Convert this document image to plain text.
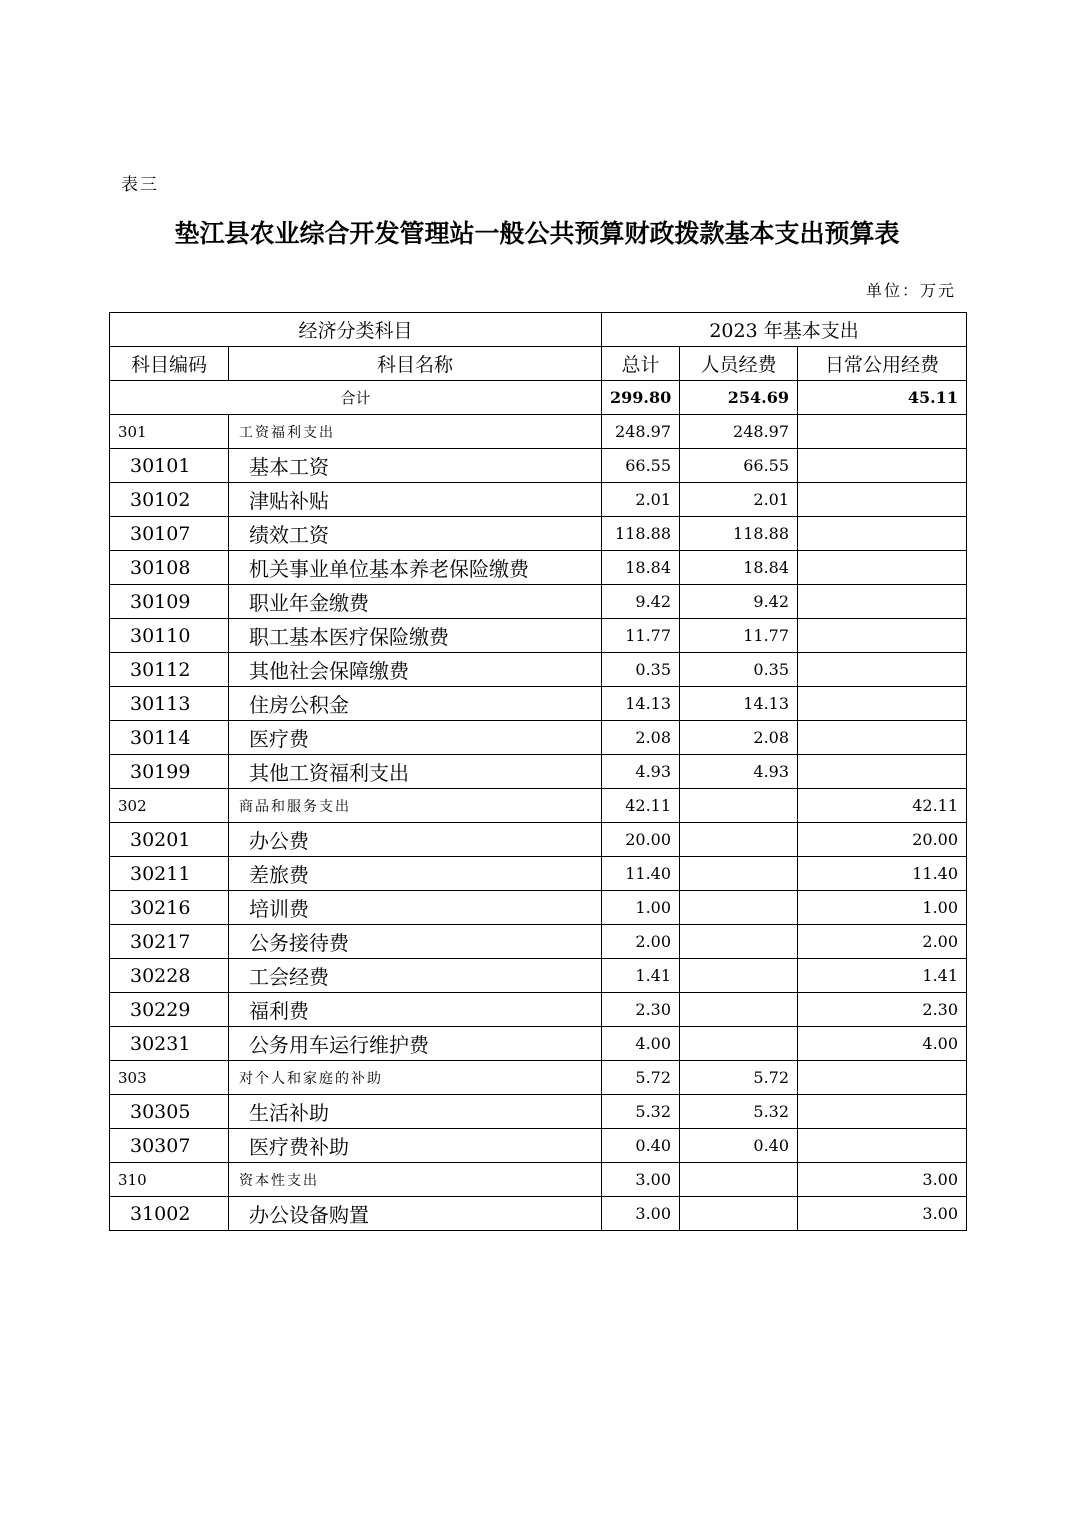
表三
垫江县农业综合开发管理站一般公共预算财政拨款基本支出预算表
单位：万元
经济分类科目		2023 年基本支出		
科目编码	科目名称	总计	人员经费	日常公用经费
合计		299.80	254.69	45.11
301	工资福利支出	248.97	248.97	
30101	基本工资	66.55	66.55	
30102	津贴补贴	2.01	2.01	
30107	绩效工资	118.88	118.88	
30108	机关事业单位基本养老保险缴费	18.84	18.84	
30109	职业年金缴费	9.42	9.42	
30110	职工基本医疗保险缴费	11.77	11.77	
30112	其他社会保障缴费	0.35	0.35	
30113	住房公积金	14.13	14.13	
30114	医疗费	2.08	2.08	
30199	其他工资福利支出	4.93	4.93	
302	商品和服务支出	42.11		42.11
30201	办公费	20.00		20.00
30211	差旅费	11.40		11.40
30216	培训费	1.00		1.00
30217	公务接待费	2.00		2.00
30228	工会经费	1.41		1.41
30229	福利费	2.30		2.30
30231	公务用车运行维护费	4.00		4.00
303	对个人和家庭的补助	5.72	5.72	
30305	生活补助	5.32	5.32	
30307	医疗费补助	0.40	0.40	
310	资本性支出	3.00		3.00
31002	办公设备购置	3.00		3.00
